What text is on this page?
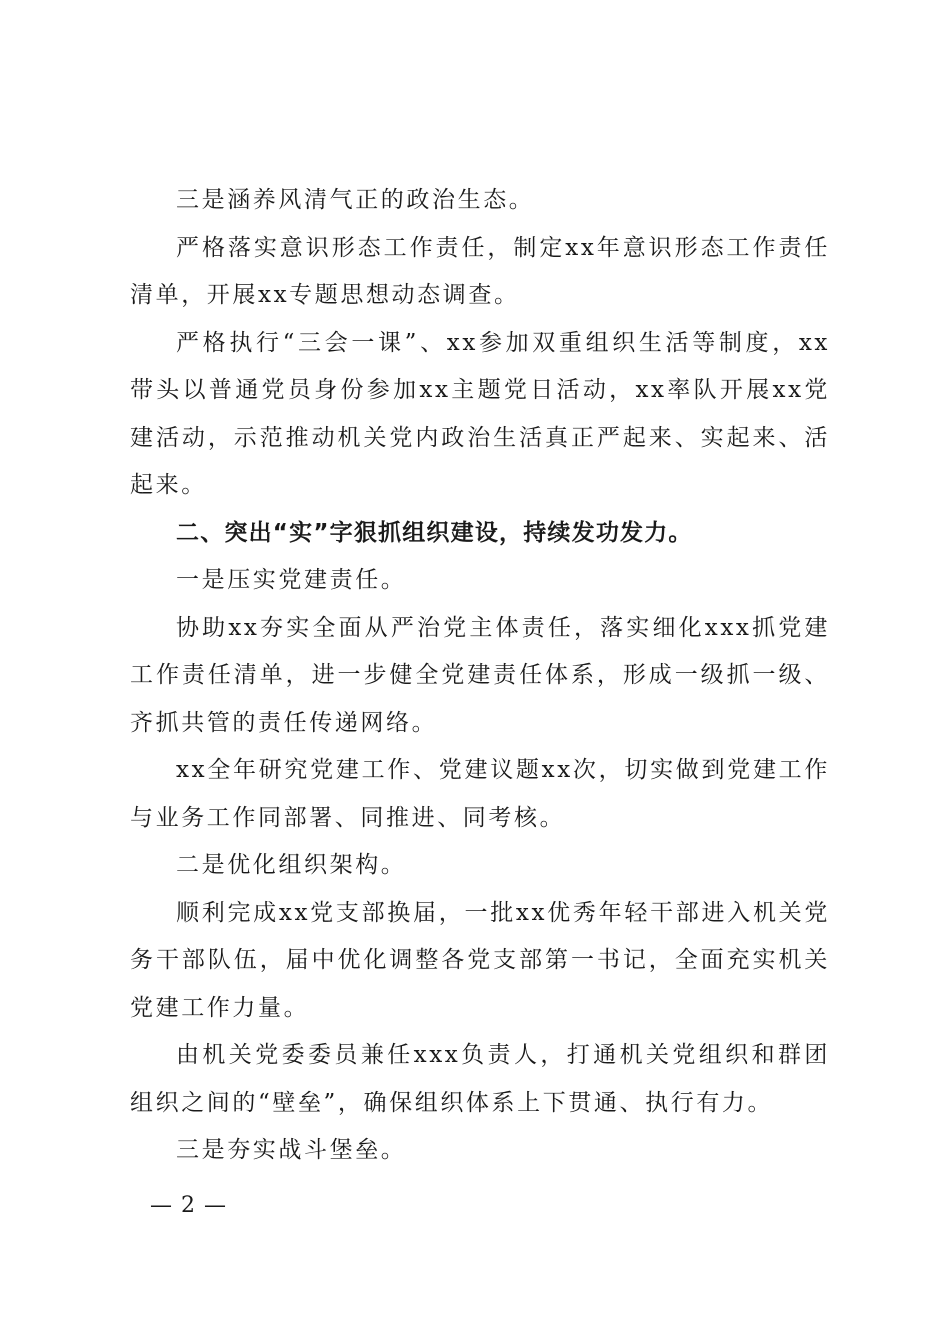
三是涵养风清气正的政治生态。

严格落实意识形态工作责任，制定xx年意识形态工作责任清单，开展xx专题思想动态调查。

严格执行“三会一课”、xx参加双重组织生活等制度，xx带头以普通党员身份参加xx主题党日活动，xx率队开展xx党建活动，示范推动机关党内政治生活真正严起来、实起来、活起来。

二、突出“实”字狠抓组织建设，持续发功发力。

一是压实党建责任。

协助xx夯实全面从严治党主体责任，落实细化xxx抓党建工作责任清单，进一步健全党建责任体系，形成一级抓一级、齐抓共管的责任传递网络。

xx全年研究党建工作、党建议题xx次，切实做到党建工作与业务工作同部署、同推进、同考核。

二是优化组织架构。

顺利完成xx党支部换届，一批xx优秀年轻干部进入机关党务干部队伍，届中优化调整各党支部第一书记，全面充实机关党建工作力量。

由机关党委委员兼任xxx负责人，打通机关党组织和群团组织之间的“壁垒”，确保组织体系上下贯通、执行有力。

三是夯实战斗堡垒。

— 2 —
